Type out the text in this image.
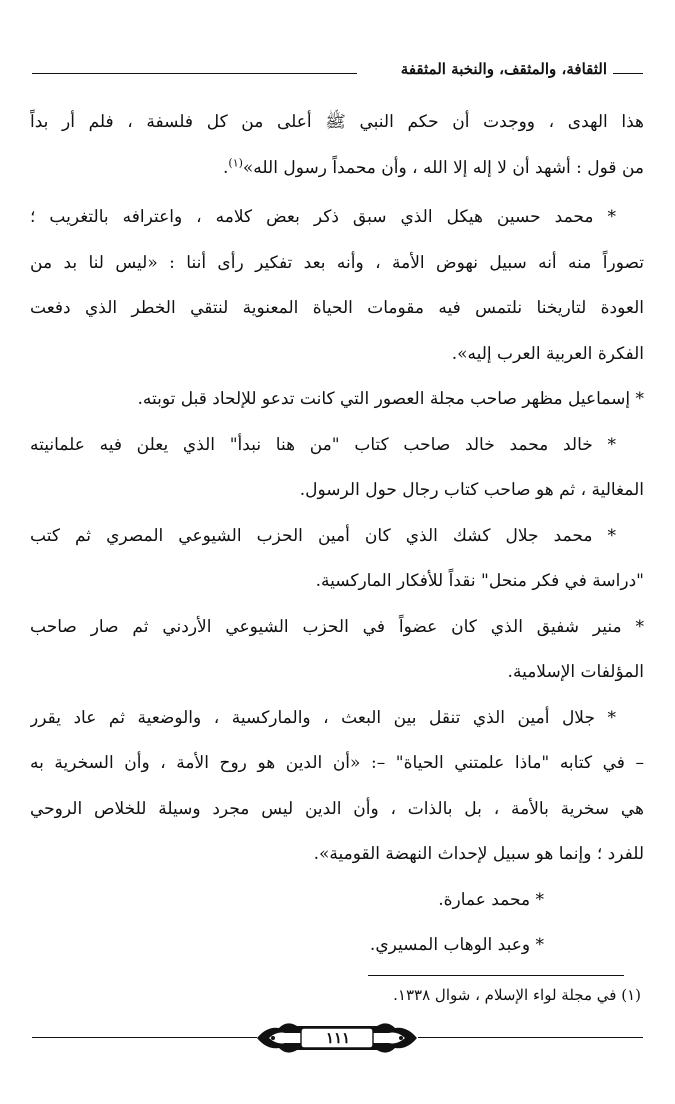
الثقافة، والمثقف، والنخبة المثقفة
هذا الهدى ، ووجدت أن حكم النبي ﷺ أعلى من كل فلسفة ، فلم أر بداً
من قول : أشهد أن لا إله إلا الله ، وأن محمداً رسول الله»$^{(١)}$.
* محمد حسين هيكل الذي سبق ذكر بعض كلامه ، واعترافه بالتغريب ؛
تصوراً منه أنه سبيل نهوض الأمة ، وأنه بعد تفكير رأى أننا : «ليس لنا بد من
العودة لتاريخنا نلتمس فيه مقومات الحياة المعنوية لنتقي الخطر الذي دفعت
الفكرة العربية العرب إليه».
* إسماعيل مظهر صاحب مجلة العصور التي كانت تدعو للإلحاد قبل توبته.
* خالد محمد خالد صاحب كتاب "من هنا نبدأ" الذي يعلن فيه علمانيته
المغالية ، ثم هو صاحب كتاب رجال حول الرسول.
* محمد جلال كشك الذي كان أمين الحزب الشيوعي المصري ثم كتب
"دراسة في فكر منحل" نقداً للأفكار الماركسية.
* منير شفيق الذي كان عضواً في الحزب الشيوعي الأردني ثم صار صاحب
المؤلفات الإسلامية.
* جلال أمين الذي تنقل بين البعث ، والماركسية ، والوضعية ثم عاد يقرر
– في كتابه "ماذا علمتني الحياة" –: «أن الدين هو روح الأمة ، وأن السخرية به
هي سخرية بالأمة ، بل بالذات ، وأن الدين ليس مجرد وسيلة للخلاص الروحي
للفرد ؛ وإنما هو سبيل لإحداث النهضة القومية».
* محمد عمارة.
* وعبد الوهاب المسيري.
(١) في مجلة لواء الإسلام ، شوال ١٣٣٨.
١١١
